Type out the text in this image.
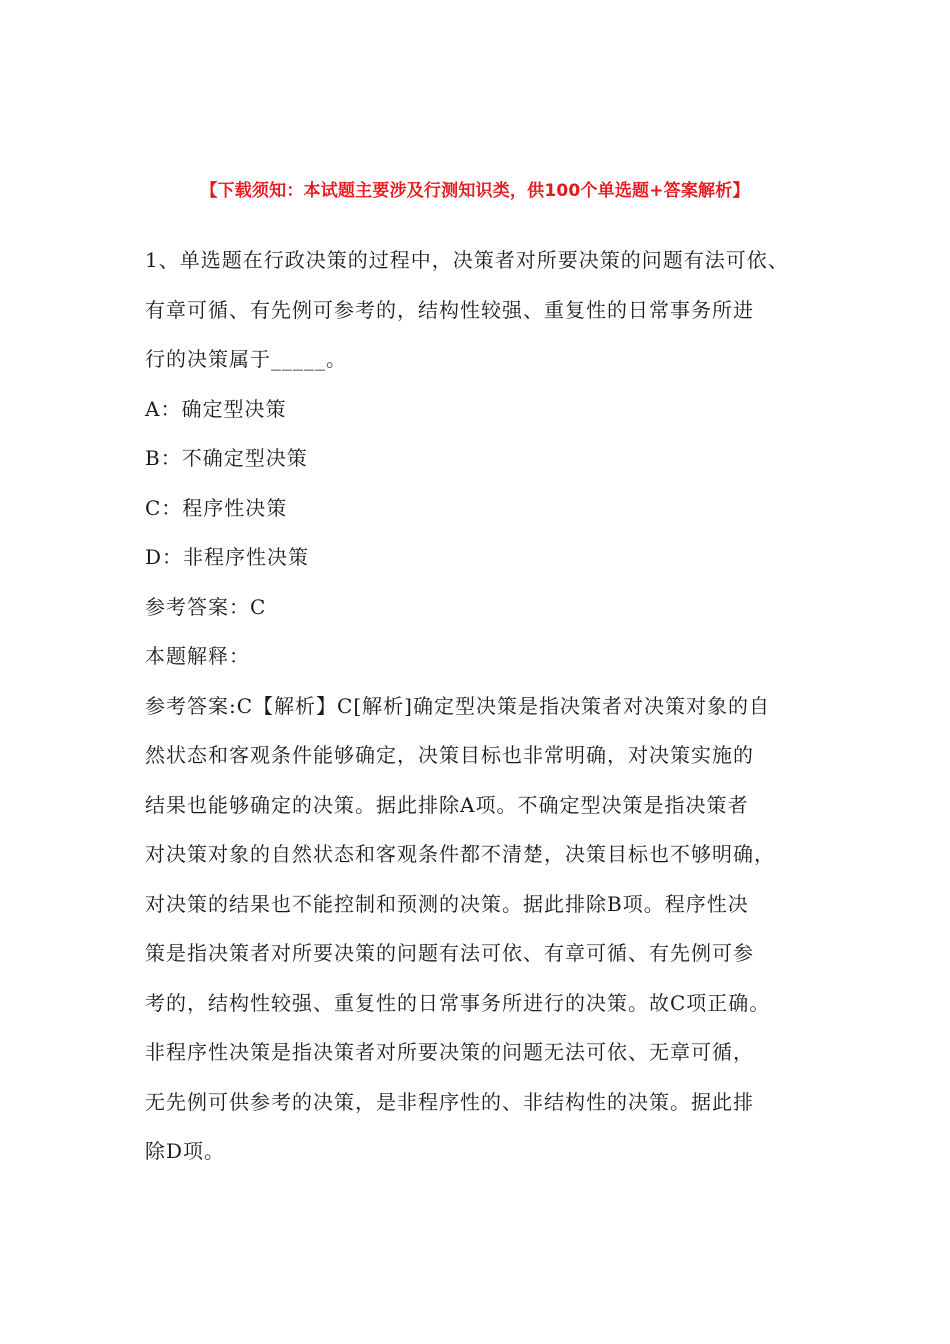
【下载须知：本试题主要涉及行测知识类，供100个单选题+答案解析】
1、单选题在行政决策的过程中，决策者对所要决策的问题有法可依、
有章可循、有先例可参考的，结构性较强、重复性的日常事务所进
行的决策属于_____。
A：确定型决策
B：不确定型决策
C：程序性决策
D：非程序性决策
参考答案：C
本题解释：
参考答案:C【解析】C[解析]确定型决策是指决策者对决策对象的自
然状态和客观条件能够确定，决策目标也非常明确，对决策实施的
结果也能够确定的决策。据此排除A项。不确定型决策是指决策者
对决策对象的自然状态和客观条件都不清楚，决策目标也不够明确，
对决策的结果也不能控制和预测的决策。据此排除B项。程序性决
策是指决策者对所要决策的问题有法可依、有章可循、有先例可参
考的，结构性较强、重复性的日常事务所进行的决策。故C项正确。
非程序性决策是指决策者对所要决策的问题无法可依、无章可循，
无先例可供参考的决策，是非程序性的、非结构性的决策。据此排
除D项。
